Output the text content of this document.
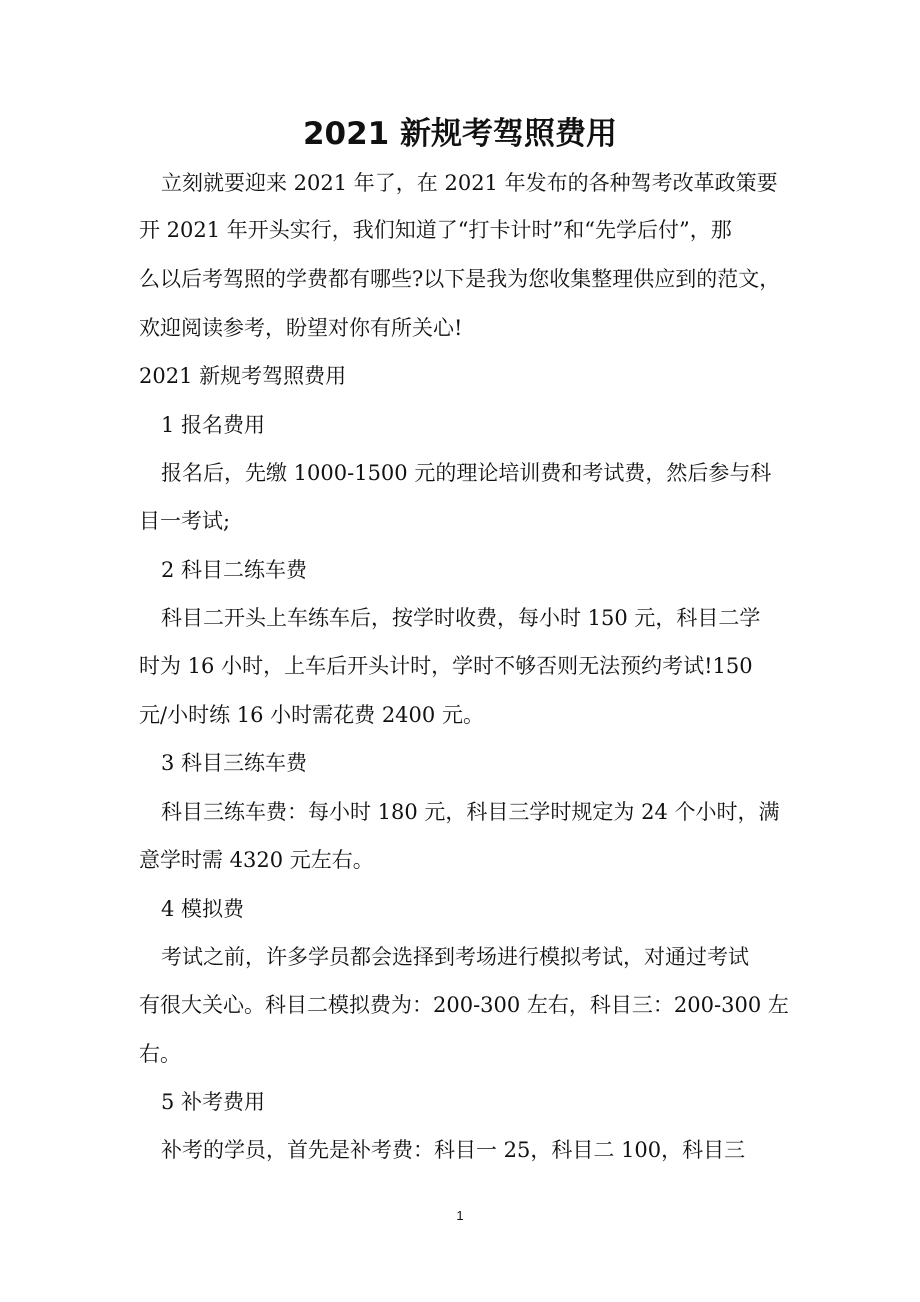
2021 新规考驾照费用

立刻就要迎来 2021 年了，在 2021 年发布的各种驾考改革政策要

开 2021 年开头实行，我们知道了“打卡计时”和“先学后付”，那

么以后考驾照的学费都有哪些?以下是我为您收集整理供应到的范文，

欢迎阅读参考，盼望对你有所关心!

2021 新规考驾照费用

1 报名费用

报名后，先缴 1000-1500 元的理论培训费和考试费，然后参与科

目一考试;

2 科目二练车费

科目二开头上车练车后，按学时收费，每小时 150 元，科目二学

时为 16 小时，上车后开头计时，学时不够否则无法预约考试!150

元/小时练 16 小时需花费 2400 元。

3 科目三练车费

科目三练车费：每小时 180 元，科目三学时规定为 24 个小时，满

意学时需 4320 元左右。

4 模拟费

考试之前，许多学员都会选择到考场进行模拟考试，对通过考试

有很大关心。科目二模拟费为：200-300 左右，科目三：200-300 左

右。

5 补考费用

补考的学员，首先是补考费：科目一 25，科目二 100，科目三

1
